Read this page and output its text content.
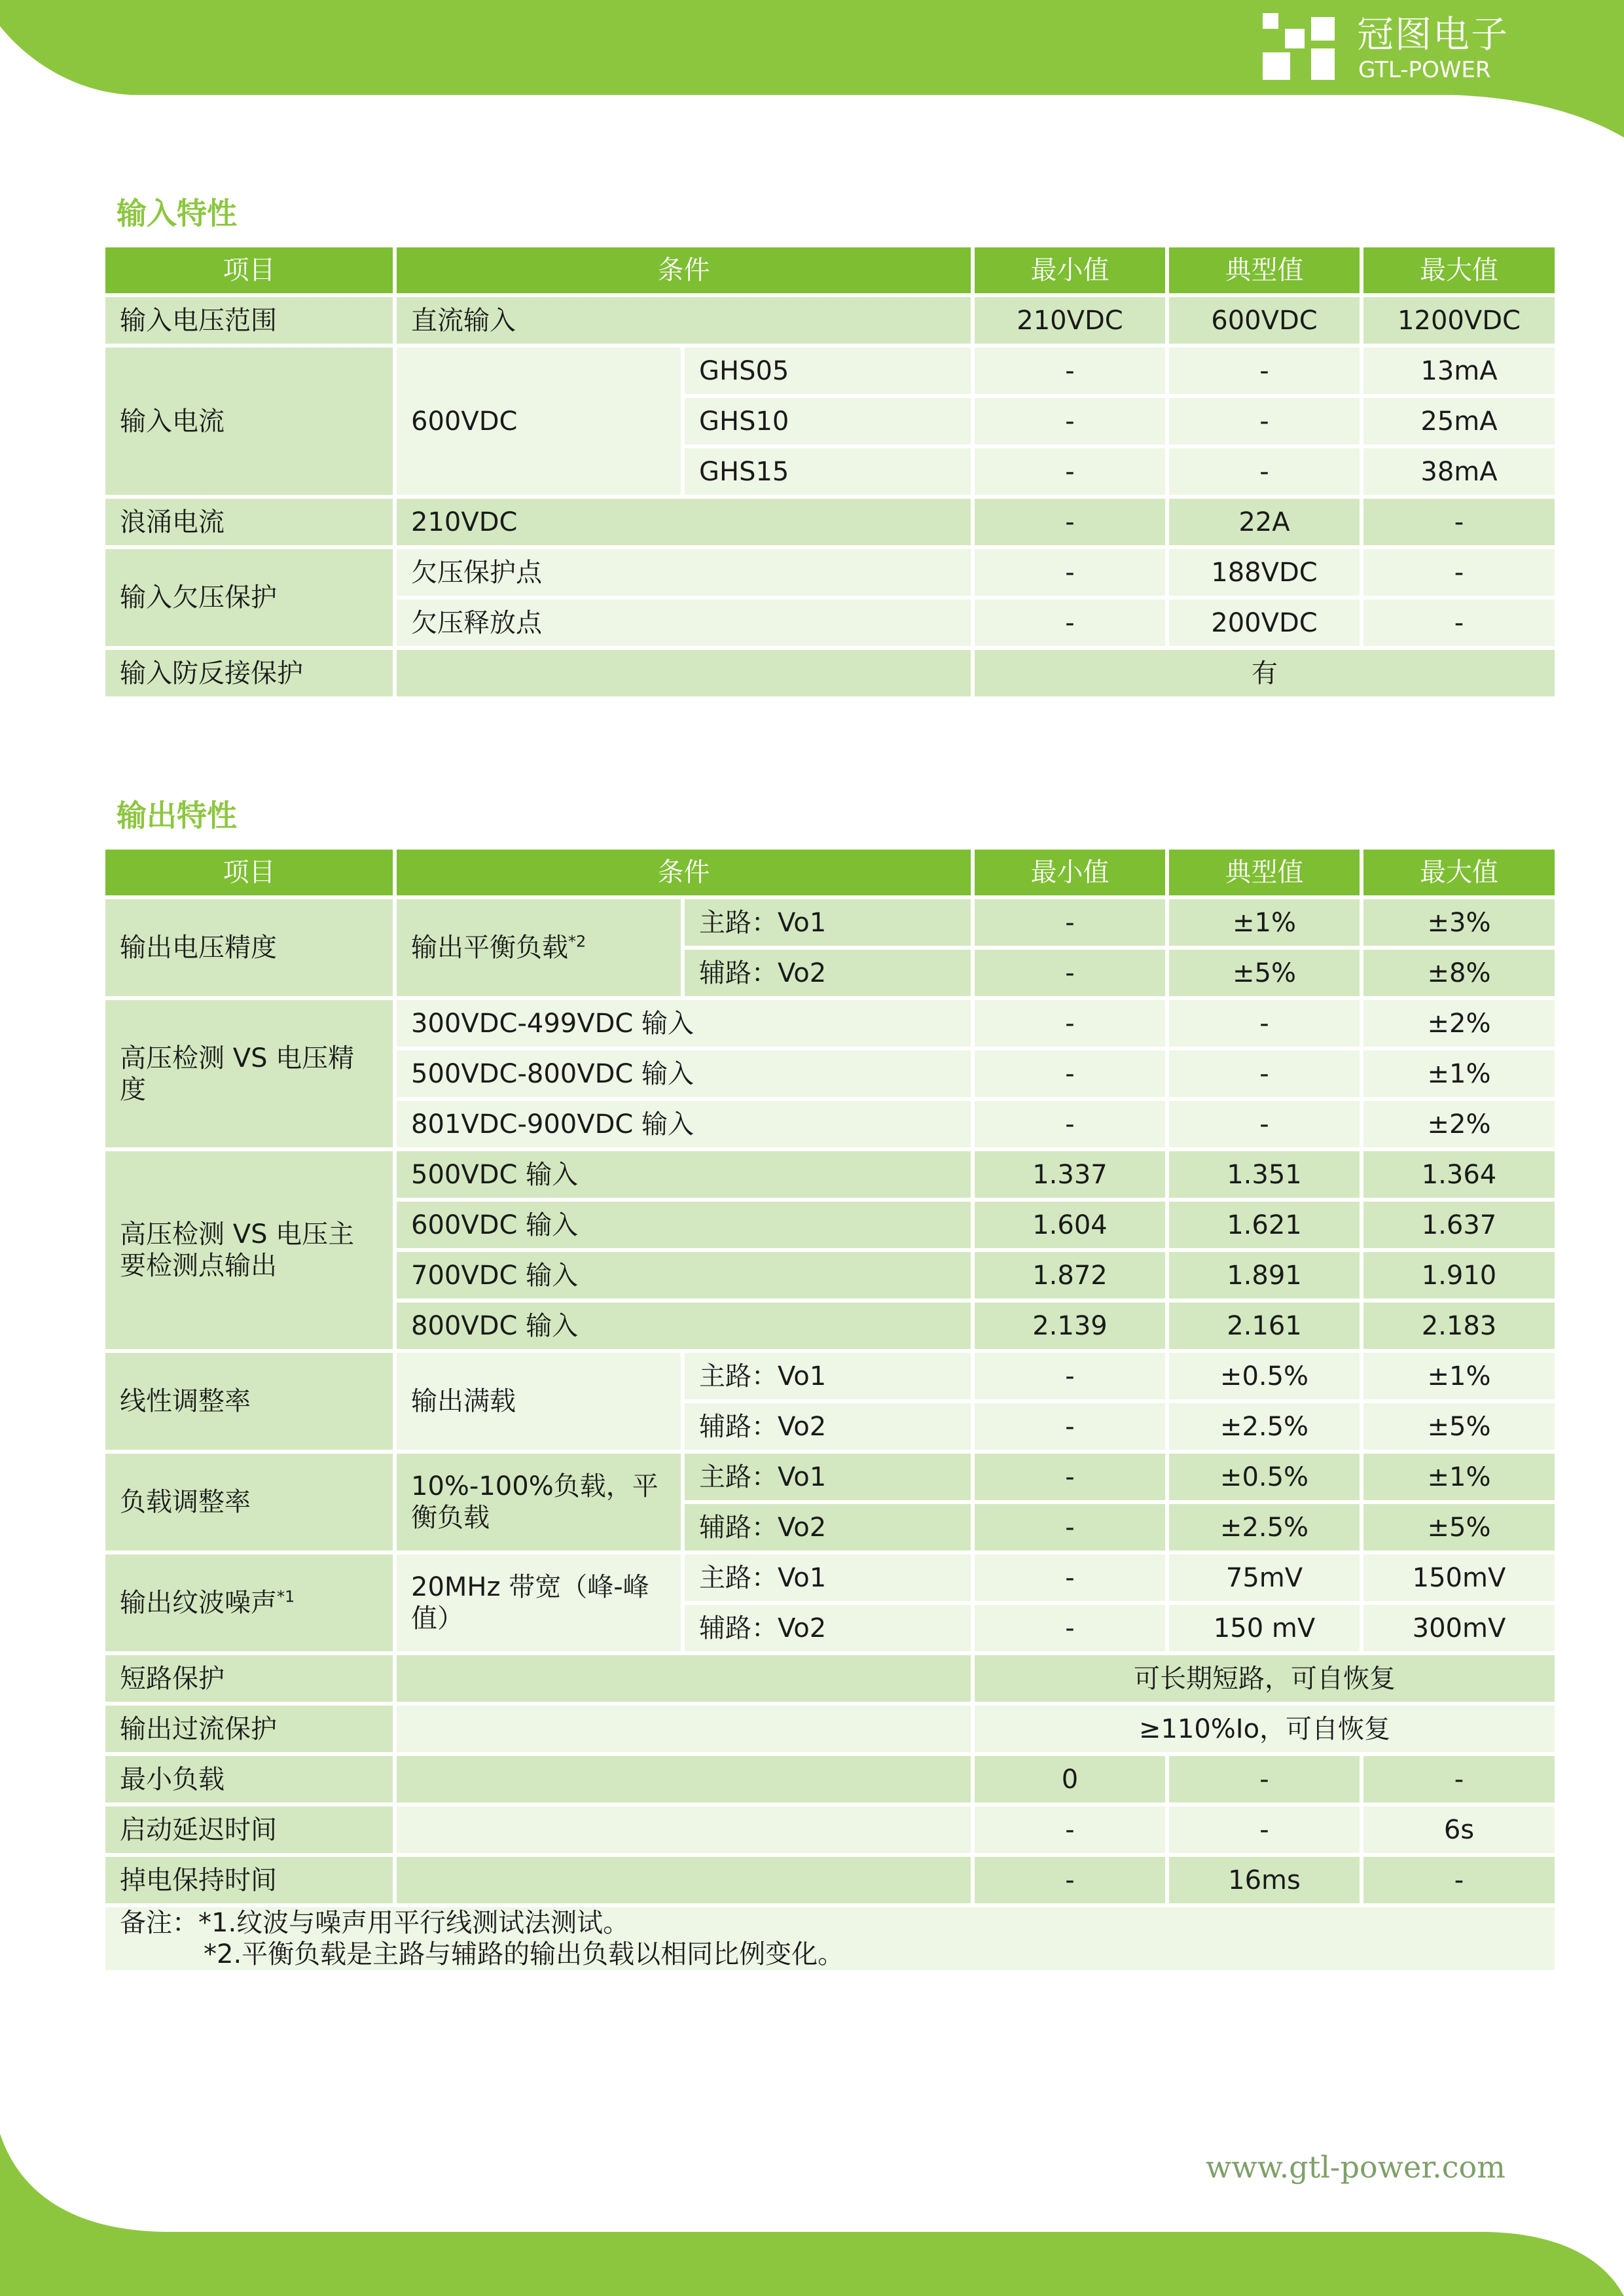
冠图电子
GTL-POWER
输入特性
项目	条件		最小值	典型值	最大值
输入电压范围	直流输入		210VDC	600VDC	1200VDC
输入电流	600VDC	GHS05	-	-	13mA
		GHS10	-	-	25mA
		GHS15	-	-	38mA
浪涌电流	210VDC		-	22A	-
输入欠压保护	欠压保护点		-	188VDC	-
	欠压释放点		-	200VDC	-
输入防反接保护			有		
输出特性
项目	条件		最小值	典型值	最大值
输出电压精度	输出平衡负载$^{*2}$	主路：Vo1	-	±1%	±3%
		辅路：Vo2	-	±5%	±8%
高压检测 VS 电压精度	300VDC-499VDC 输入		-	-	±2%
	500VDC-800VDC 输入		-	-	±1%
	801VDC-900VDC 输入		-	-	±2%
高压检测 VS 电压主要检测点输出	500VDC 输入		1.337	1.351	1.364
	600VDC 输入		1.604	1.621	1.637
	700VDC 输入		1.872	1.891	1.910
	800VDC 输入		2.139	2.161	2.183
线性调整率	输出满载	主路：Vo1	-	±0.5%	±1%
		辅路：Vo2	-	±2.5%	±5%
负载调整率	10%-100%负载，平衡负载	主路：Vo1	-	±0.5%	±1%
		辅路：Vo2	-	±2.5%	±5%
输出纹波噪声$^{*1}$	20MHz 带宽（峰-峰值）	主路：Vo1	-	75mV	150mV
		辅路：Vo2	-	150 mV	300mV
短路保护			可长期短路，可自恢复		
输出过流保护			≥110%Io，可自恢复		
最小负载			0	-	-
启动延迟时间			-	-	6s
掉电保持时间			-	16ms	-

备注：*1.纹波与噪声用平行线测试法测试。
*2.平衡负载是主路与辅路的输出负载以相同比例变化。					
www.gtl-power.com
